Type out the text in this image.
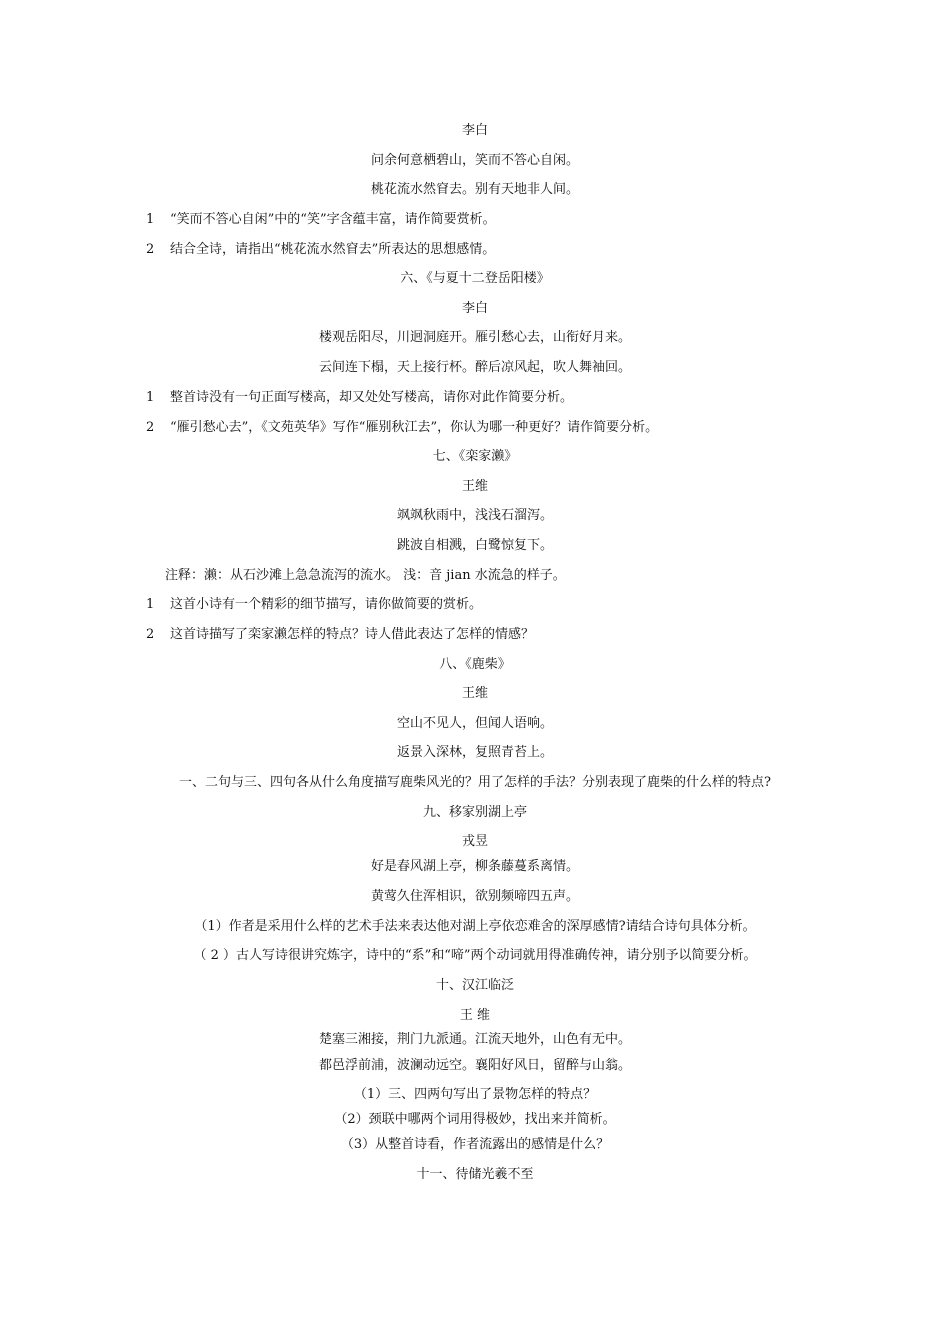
李白
问余何意栖碧山，笑而不答心自闲。
桃花流水然窅去。别有天地非人间。
1 “笑而不答心自闲”中的“笑”字含蕴丰富，请作简要赏析。
2 结合全诗，请指出“桃花流水然窅去”所表达的思想感情。
六、《与夏十二登岳阳楼》
李白
楼观岳阳尽，川迥洞庭开。雁引愁心去，山衔好月来。
云间连下榻，天上接行杯。醉后凉风起，吹人舞袖回。
1 整首诗没有一句正面写楼高，却又处处写楼高，请你对此作简要分析。
2 “雁引愁心去”，《文苑英华》写作“雁别秋江去”，你认为哪一种更好？请作简要分析。
七、《栾家濑》
王维
飒飒秋雨中，浅浅石溜泻。
跳波自相溅，白鹭惊复下。
注释：濑：从石沙滩上急急流泻的流水。 浅：音 jian 水流急的样子。
1 这首小诗有一个精彩的细节描写，请你做简要的赏析。
2 这首诗描写了栾家濑怎样的特点？诗人借此表达了怎样的情感？
八、《鹿柴》
王维
空山不见人，但闻人语响。
返景入深林，复照青苔上。
一、二句与三、四句各从什么角度描写鹿柴风光的？用了怎样的手法？分别表现了鹿柴的什么样的特点?
九、移家别湖上亭
戎昱
好是春风湖上亭，柳条藤蔓系离情。
黄莺久住浑相识，欲别频啼四五声。
（1）作者是采用什么样的艺术手法来表达他对湖上亭依恋难舍的深厚感情?请结合诗句具体分析。
（ 2 ）古人写诗很讲究炼字，诗中的“系”和“啼”两个动词就用得准确传神，请分别予以简要分析。
十、汉江临泛
王 维
楚塞三湘接，荆门九派通。江流天地外，山色有无中。
都邑浮前浦，波澜动远空。襄阳好风日，留醉与山翁。
（1）三、四两句写出了景物怎样的特点？
（2）颈联中哪两个词用得极妙，找出来并简析。
（3）从整首诗看，作者流露出的感情是什么？
十一、待储光羲不至
